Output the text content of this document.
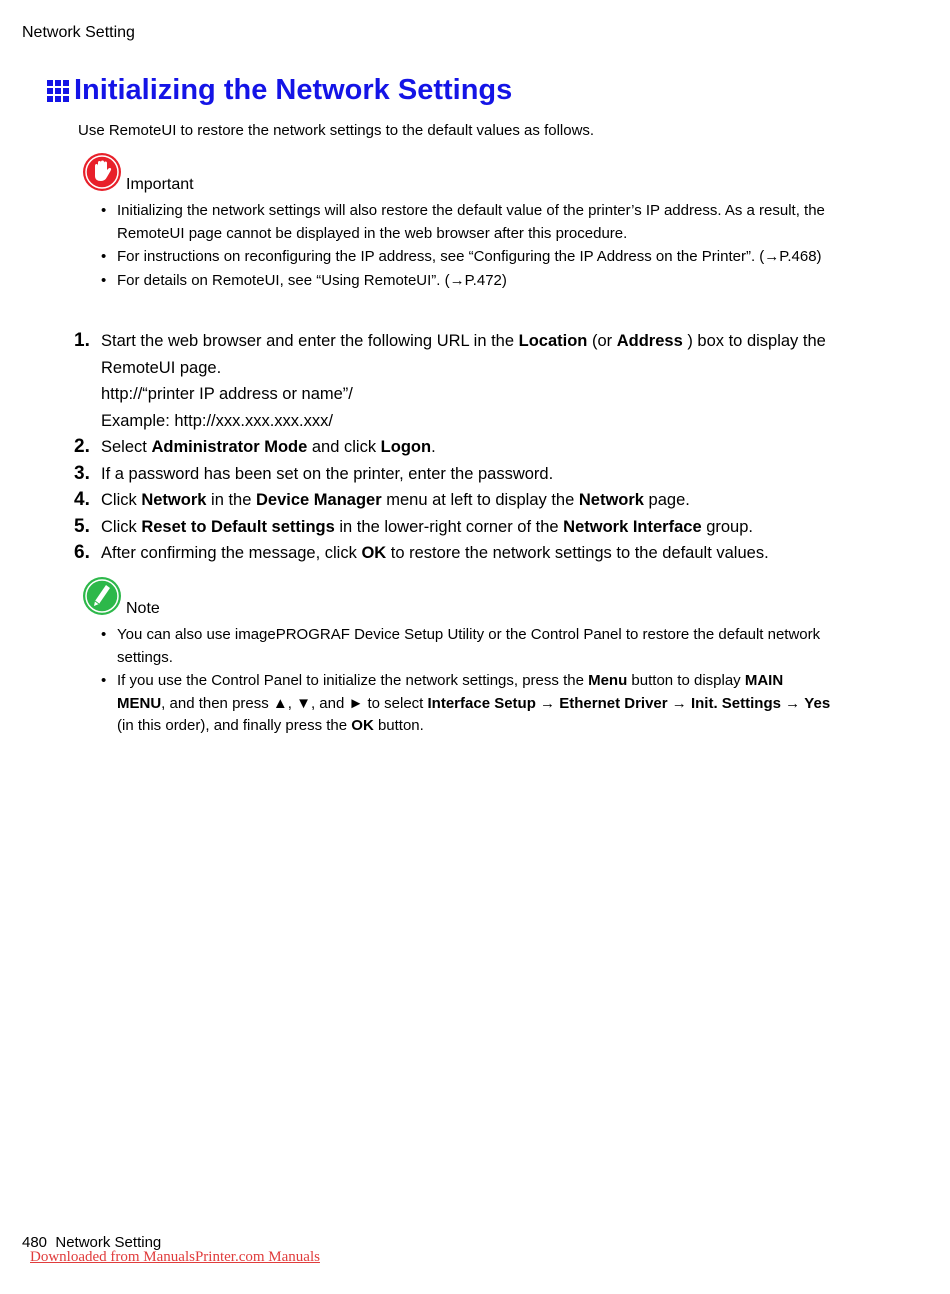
Network Setting
Initializing the Network Settings
Use RemoteUI to restore the network settings to the default values as follows.
Important
• Initializing the network settings will also restore the default value of the printer’s IP address. As a result, the RemoteUI page cannot be displayed in the web browser after this procedure.
• For instructions on reconfiguring the IP address, see “Configuring the IP Address on the Printer”. (→P.468)
• For details on RemoteUI, see “Using RemoteUI”. (→P.472)
1. Start the web browser and enter the following URL in the Location (or Address ) box to display the RemoteUI page.
http://“printer IP address or name”/
Example: http://xxx.xxx.xxx.xxx/
2. Select Administrator Mode and click Logon.
3. If a password has been set on the printer, enter the password.
4. Click Network in the Device Manager menu at left to display the Network page.
5. Click Reset to Default settings in the lower-right corner of the Network Interface group.
6. After confirming the message, click OK to restore the network settings to the default values.
Note
• You can also use imagePROGRAF Device Setup Utility or the Control Panel to restore the default network settings.
• If you use the Control Panel to initialize the network settings, press the Menu button to display MAIN MENU, and then press ▲, ▼, and ► to select Interface Setup → Ethernet Driver → Init. Settings → Yes (in this order), and finally press the OK button.
480 Network Setting
Downloaded from ManualsPrinter.com Manuals
